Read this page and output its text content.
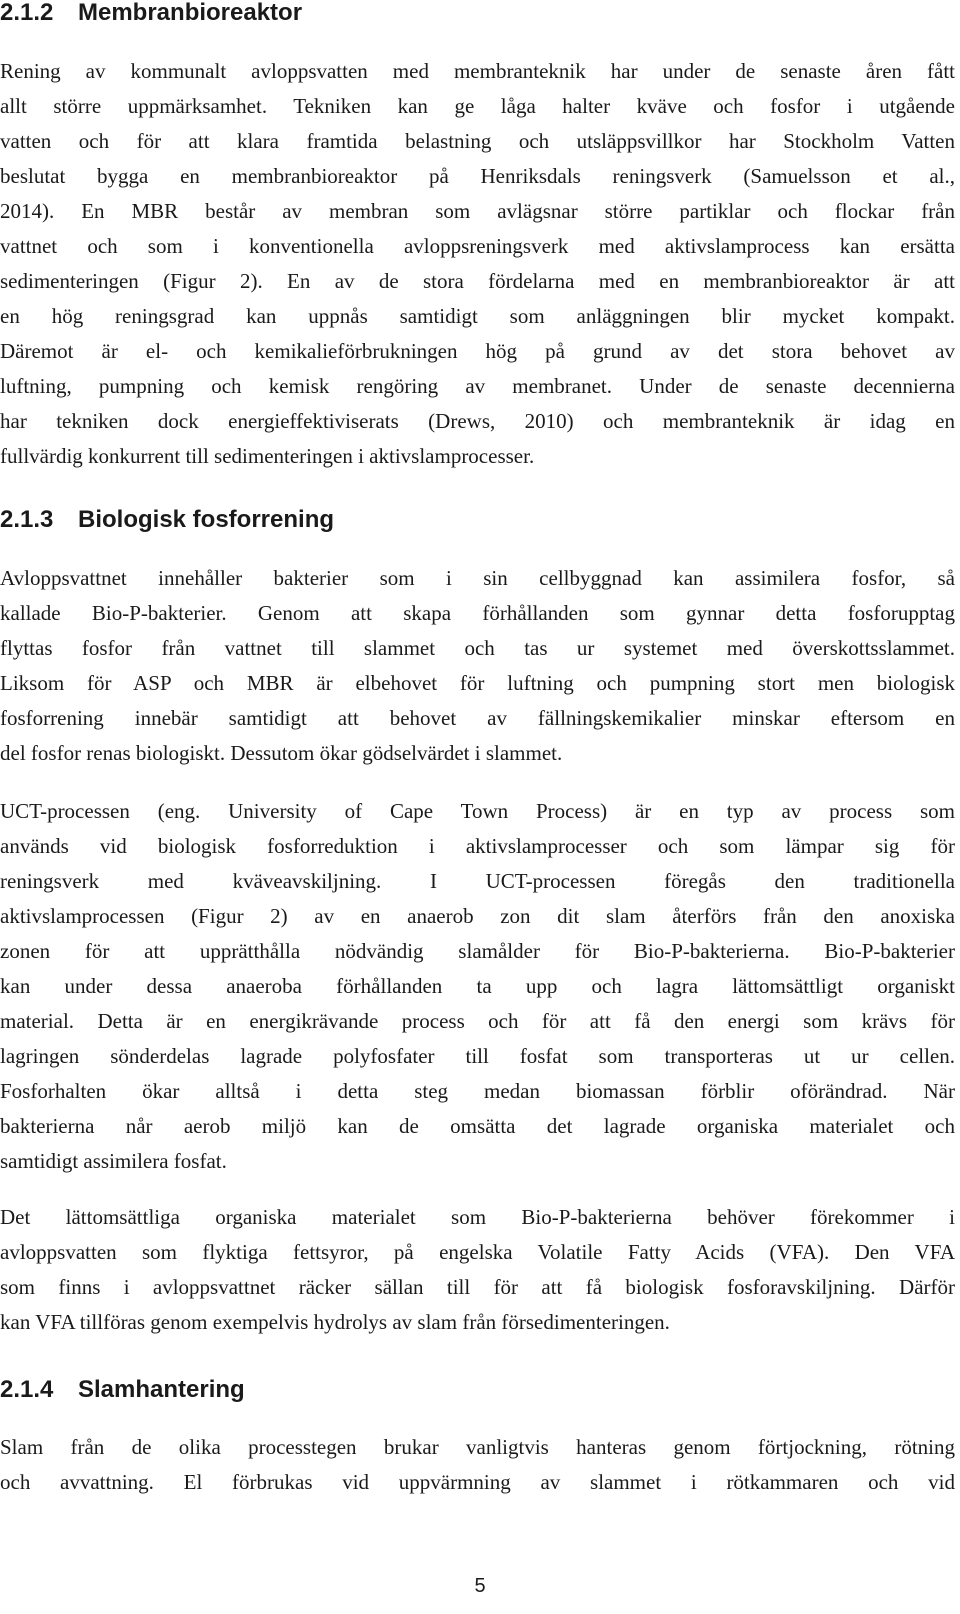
2.1.2 Membranbioreaktor
Rening av kommunalt avloppsvatten med membranteknik har under de senaste åren fått
allt större uppmärksamhet. Tekniken kan ge låga halter kväve och fosfor i utgående
vatten och för att klara framtida belastning och utsläppsvillkor har Stockholm Vatten
beslutat bygga en membranbioreaktor på Henriksdals reningsverk (Samuelsson et al.,
2014). En MBR består av membran som avlägsnar större partiklar och flockar från
vattnet och som i konventionella avloppsreningsverk med aktivslamprocess kan ersätta
sedimenteringen (Figur 2). En av de stora fördelarna med en membranbioreaktor är att
en hög reningsgrad kan uppnås samtidigt som anläggningen blir mycket kompakt.
Däremot är el- och kemikalieförbrukningen hög på grund av det stora behovet av
luftning, pumpning och kemisk rengöring av membranet. Under de senaste decennierna
har tekniken dock energieffektiviserats (Drews, 2010) och membranteknik är idag en
fullvärdig konkurrent till sedimenteringen i aktivslamprocesser.
2.1.3 Biologisk fosforrening
Avloppsvattnet innehåller bakterier som i sin cellbyggnad kan assimilera fosfor, så
kallade Bio-P-bakterier. Genom att skapa förhållanden som gynnar detta fosforupptag
flyttas fosfor från vattnet till slammet och tas ur systemet med överskottsslammet.
Liksom för ASP och MBR är elbehovet för luftning och pumpning stort men biologisk
fosforrening innebär samtidigt att behovet av fällningskemikalier minskar eftersom en
del fosfor renas biologiskt. Dessutom ökar gödselvärdet i slammet.
UCT-processen (eng. University of Cape Town Process) är en typ av process som
används vid biologisk fosforreduktion i aktivslamprocesser och som lämpar sig för
reningsverk med kväveavskiljning. I UCT-processen föregås den traditionella
aktivslamprocessen (Figur 2) av en anaerob zon dit slam återförs från den anoxiska
zonen för att upprätthålla nödvändig slamålder för Bio-P-bakterierna. Bio-P-bakterier
kan under dessa anaeroba förhållanden ta upp och lagra lättomsättligt organiskt
material. Detta är en energikrävande process och för att få den energi som krävs för
lagringen sönderdelas lagrade polyfosfater till fosfat som transporteras ut ur cellen.
Fosforhalten ökar alltså i detta steg medan biomassan förblir oförändrad. När
bakterierna når aerob miljö kan de omsätta det lagrade organiska materialet och
samtidigt assimilera fosfat.
Det lättomsättliga organiska materialet som Bio-P-bakterierna behöver förekommer i
avloppsvatten som flyktiga fettsyror, på engelska Volatile Fatty Acids (VFA). Den VFA
som finns i avloppsvattnet räcker sällan till för att få biologisk fosforavskiljning. Därför
kan VFA tillföras genom exempelvis hydrolys av slam från försedimenteringen.
2.1.4 Slamhantering
Slam från de olika processtegen brukar vanligtvis hanteras genom förtjockning, rötning
och avvattning. El förbrukas vid uppvärmning av slammet i rötkammaren och vid
5
